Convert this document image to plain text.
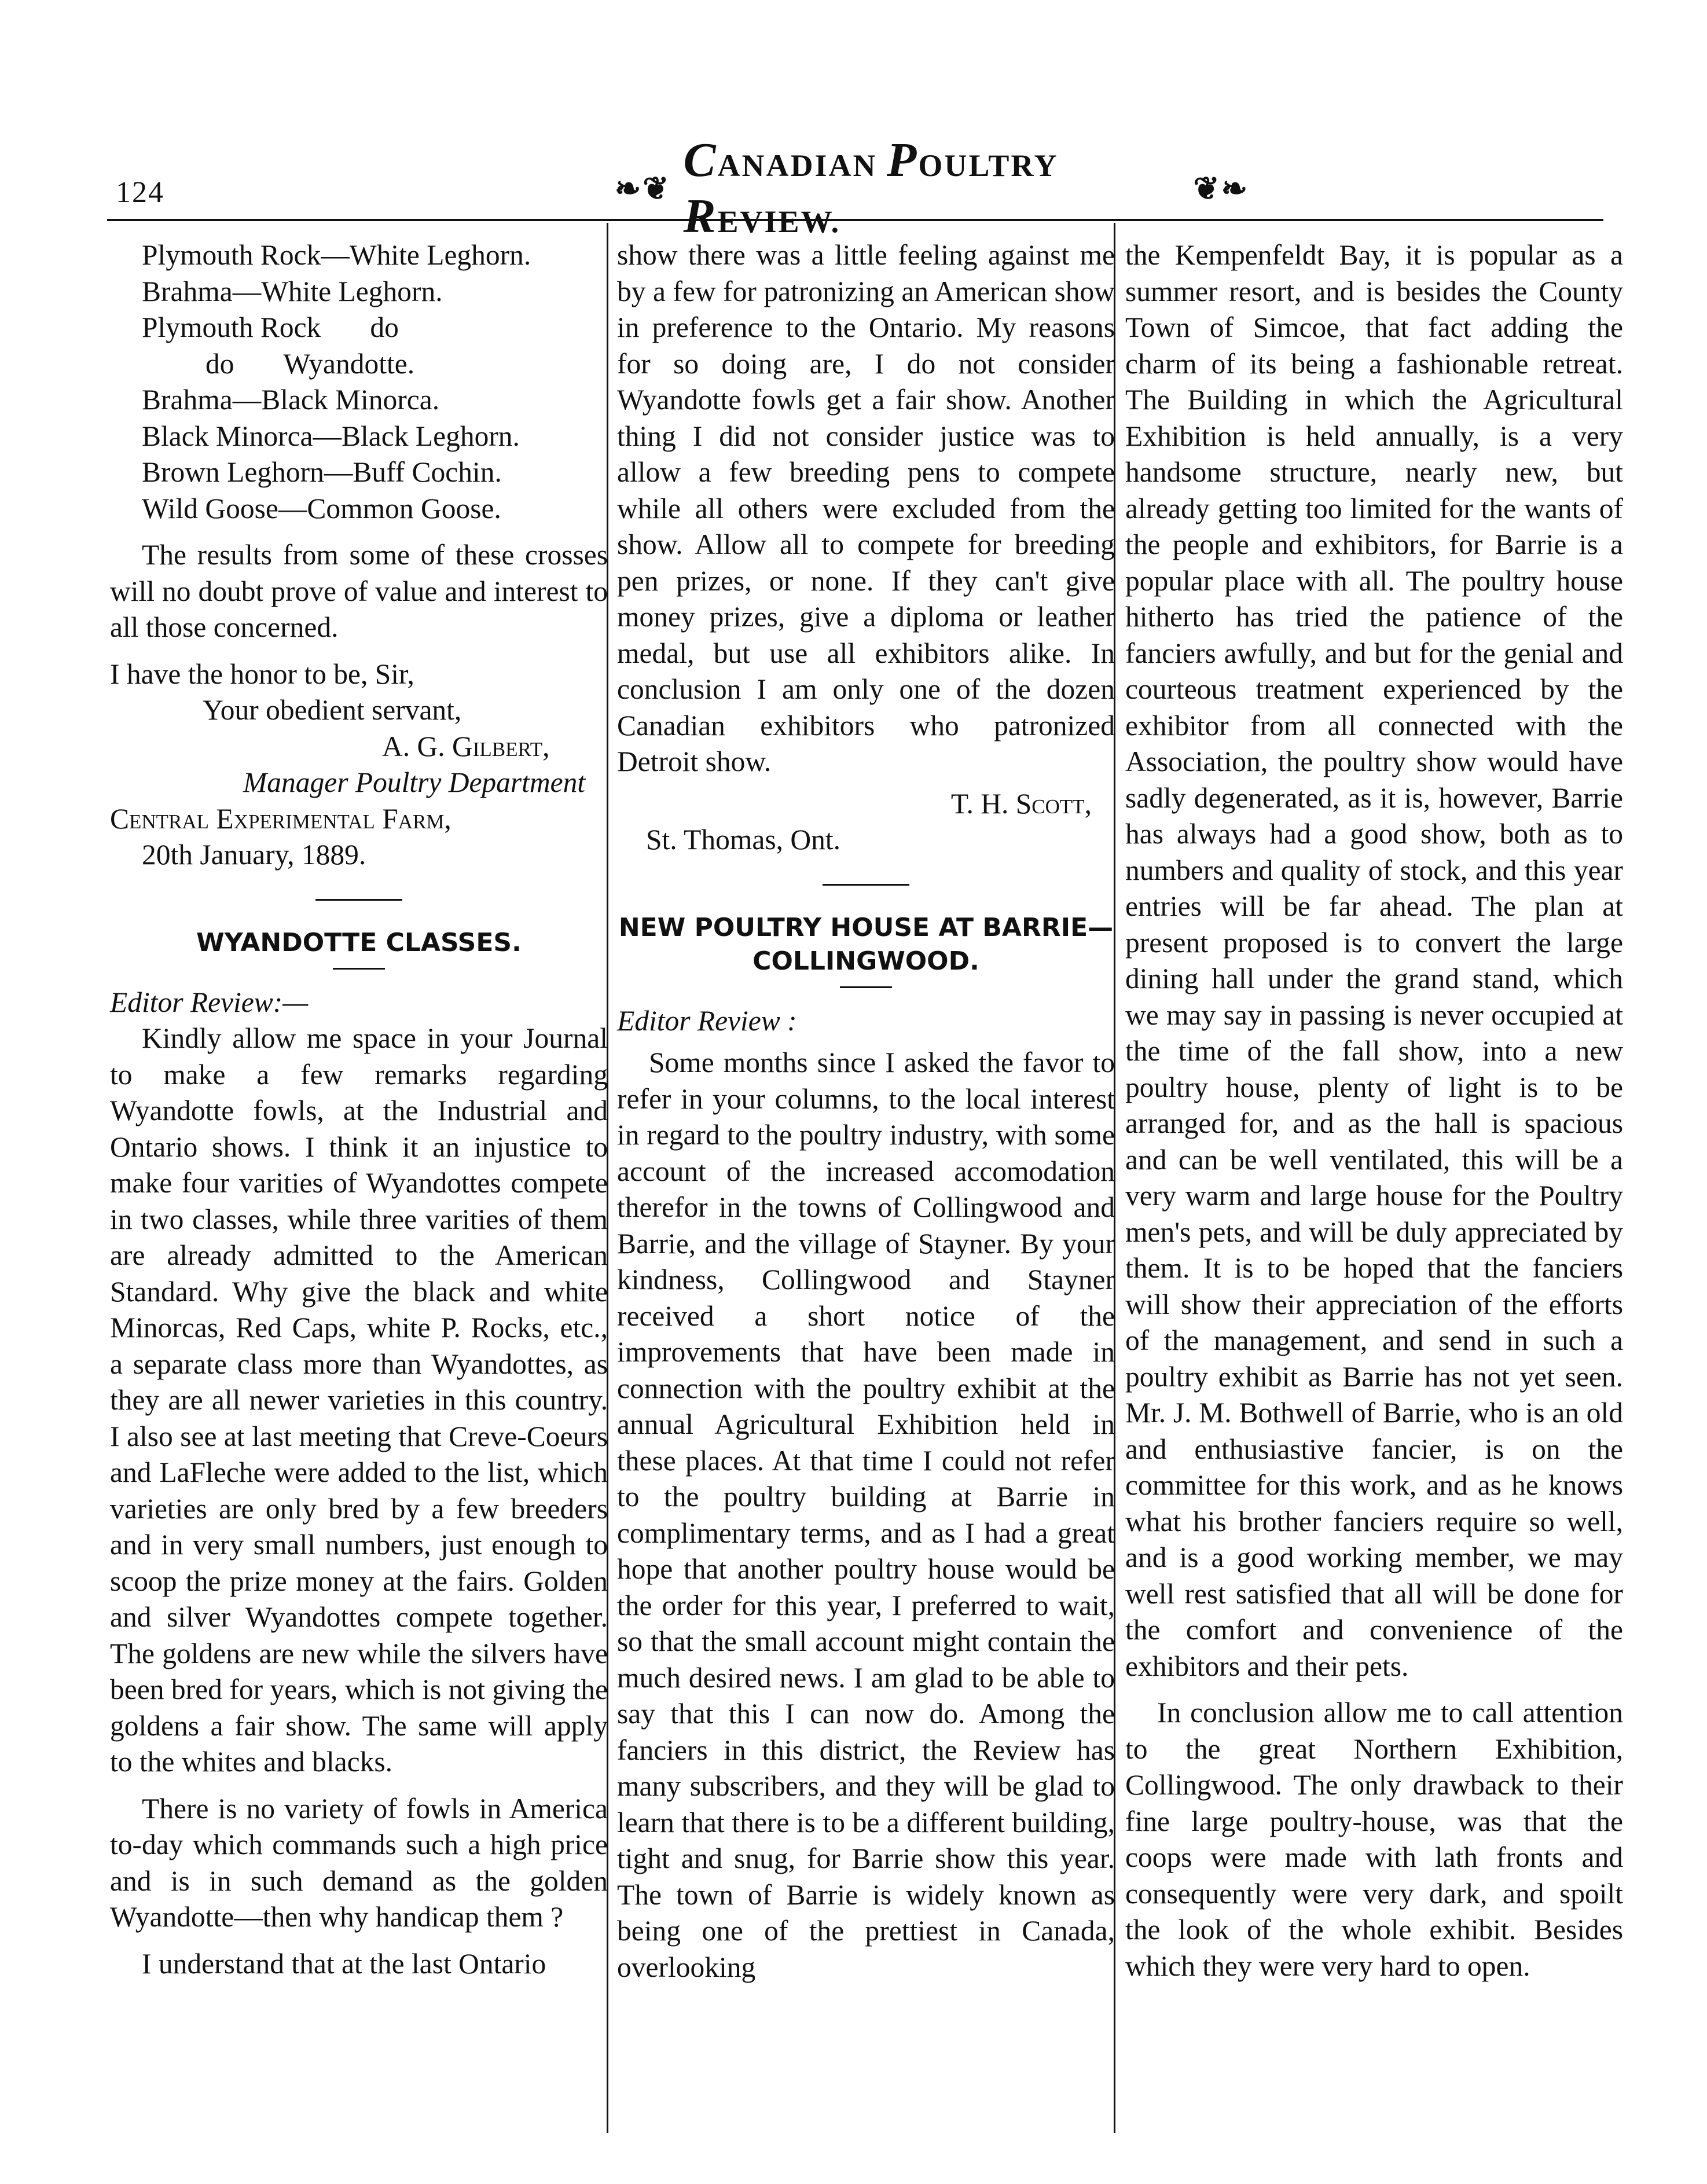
124	❧❦
CANADIAN POULTRY REVIEW.
❦❧

Plymouth Rock—White Leghorn.

Brahma—White Leghorn.

Plymouth Rock do

do Wyandotte.

Brahma—Black Minorca.

Black Minorca—Black Leghorn.

Brown Leghorn—Buff Cochin.

Wild Goose—Common Goose.

The results from some of these crosses will no doubt prove of value and interest to all those concerned.

I have the honor to be, Sir,

Your obedient servant,

A. G. Gilbert,

Manager Poultry Department

Central Experimental Farm,

20th January, 1889.

WYANDOTTE CLASSES.

Editor Review:—

Kindly allow me space in your Journal to make a few remarks regarding Wyandotte fowls, at the Industrial and Ontario shows. I think it an injustice to make four varities of Wyandottes compete in two classes, while three varities of them are already admitted to the American Standard. Why give the black and white Minorcas, Red Caps, white P. Rocks, etc., a separate class more than Wyandottes, as they are all newer varieties in this country. I also see at last meeting that Creve-Coeurs and LaFleche were added to the list, which varieties are only bred by a few breeders and in very small numbers, just enough to scoop the prize money at the fairs. Golden and silver Wyandottes compete together. The goldens are new while the silvers have been bred for years, which is not giving the goldens a fair show. The same will apply to the whites and blacks.

There is no variety of fowls in America to-day which commands such a high price and is in such demand as the golden Wyandotte—then why handicap them ?

I understand that at the last Ontario

show there was a little feeling against me by a few for patronizing an American show in preference to the Ontario. My reasons for so doing are, I do not consider Wyandotte fowls get a fair show. Another thing I did not consider justice was to allow a few breeding pens to compete while all others were excluded from the show. Allow all to compete for breeding pen prizes, or none. If they can't give money prizes, give a diploma or leather medal, but use all exhibitors alike. In conclusion I am only one of the dozen Canadian exhibitors who patronized Detroit show.

T. H. Scott,

St. Thomas, Ont.

NEW POULTRY HOUSE AT BARRIE—COLLINGWOOD.

Editor Review :

Some months since I asked the favor to refer in your columns, to the local interest in regard to the poultry industry, with some account of the increased accomodation therefor in the towns of Collingwood and Barrie, and the village of Stayner. By your kindness, Collingwood and Stayner received a short notice of the improvements that have been made in connection with the poultry exhibit at the annual Agricultural Exhibition held in these places. At that time I could not refer to the poultry building at Barrie in complimentary terms, and as I had a great hope that another poultry house would be the order for this year, I preferred to wait, so that the small account might contain the much desired news. I am glad to be able to say that this I can now do. Among the fanciers in this district, the Review has many subscribers, and they will be glad to learn that there is to be a different building, tight and snug, for Barrie show this year. The town of Barrie is widely known as being one of the prettiest in Canada, overlooking

the Kempenfeldt Bay, it is popular as a summer resort, and is besides the County Town of Simcoe, that fact adding the charm of its being a fashionable retreat. The Building in which the Agricultural Exhibition is held annually, is a very handsome structure, nearly new, but already getting too limited for the wants of the people and exhibitors, for Barrie is a popular place with all. The poultry house hitherto has tried the patience of the fanciers awfully, and but for the genial and courteous treatment experienced by the exhibitor from all connected with the Association, the poultry show would have sadly degenerated, as it is, however, Barrie has always had a good show, both as to numbers and quality of stock, and this year entries will be far ahead. The plan at present proposed is to convert the large dining hall under the grand stand, which we may say in passing is never occupied at the time of the fall show, into a new poultry house, plenty of light is to be arranged for, and as the hall is spacious and can be well ventilated, this will be a very warm and large house for the Poultry men's pets, and will be duly appreciated by them. It is to be hoped that the fanciers will show their appreciation of the efforts of the management, and send in such a poultry exhibit as Barrie has not yet seen. Mr. J. M. Bothwell of Barrie, who is an old and enthusiastive fancier, is on the committee for this work, and as he knows what his brother fanciers require so well, and is a good working member, we may well rest satisfied that all will be done for the comfort and convenience of the exhibitors and their pets.

In conclusion allow me to call attention to the great Northern Exhibition, Collingwood. The only drawback to their fine large poultry-house, was that the coops were made with lath fronts and consequently were very dark, and spoilt the look of the whole exhibit. Besides which they were very hard to open.
